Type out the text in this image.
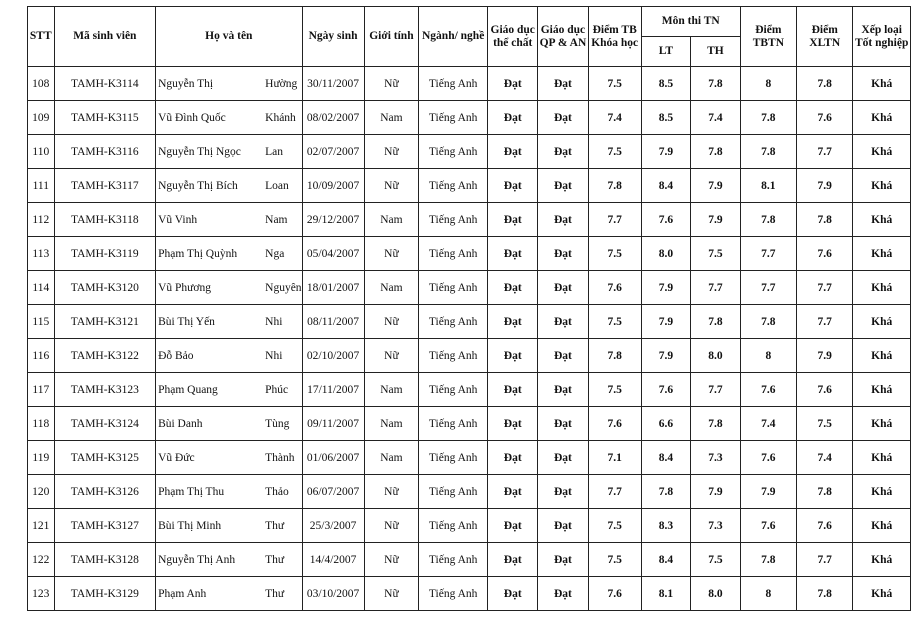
STT	Mã sinh viên	Họ và tên		Ngày sinh	Giới tính	Ngành/ nghề	Giáo dục thể chất	Giáo dục QP & AN	Điểm TB Khóa học	Môn thi TN		Điểm TBTN	Điểm XLTN	Xếp loại Tốt nghiệp
										LT	TH			
108	TAMH-K3114	Nguyễn Thị	Hường	30/11/2007	Nữ	Tiếng Anh	Đạt	Đạt	7.5	8.5	7.8	8	7.8	Khá
109	TAMH-K3115	Vũ Đình Quốc	Khánh	08/02/2007	Nam	Tiếng Anh	Đạt	Đạt	7.4	8.5	7.4	7.8	7.6	Khá
110	TAMH-K3116	Nguyễn Thị Ngọc	Lan	02/07/2007	Nữ	Tiếng Anh	Đạt	Đạt	7.5	7.9	7.8	7.8	7.7	Khá
111	TAMH-K3117	Nguyễn Thị Bích	Loan	10/09/2007	Nữ	Tiếng Anh	Đạt	Đạt	7.8	8.4	7.9	8.1	7.9	Khá
112	TAMH-K3118	Vũ Vinh	Nam	29/12/2007	Nam	Tiếng Anh	Đạt	Đạt	7.7	7.6	7.9	7.8	7.8	Khá
113	TAMH-K3119	Phạm Thị Quỳnh	Nga	05/04/2007	Nữ	Tiếng Anh	Đạt	Đạt	7.5	8.0	7.5	7.7	7.6	Khá
114	TAMH-K3120	Vũ Phương	Nguyên	18/01/2007	Nam	Tiếng Anh	Đạt	Đạt	7.6	7.9	7.7	7.7	7.7	Khá
115	TAMH-K3121	Bùi Thị Yến	Nhi	08/11/2007	Nữ	Tiếng Anh	Đạt	Đạt	7.5	7.9	7.8	7.8	7.7	Khá
116	TAMH-K3122	Đỗ Bảo	Nhi	02/10/2007	Nữ	Tiếng Anh	Đạt	Đạt	7.8	7.9	8.0	8	7.9	Khá
117	TAMH-K3123	Phạm Quang	Phúc	17/11/2007	Nam	Tiếng Anh	Đạt	Đạt	7.5	7.6	7.7	7.6	7.6	Khá
118	TAMH-K3124	Bùi Danh	Tùng	09/11/2007	Nam	Tiếng Anh	Đạt	Đạt	7.6	6.6	7.8	7.4	7.5	Khá
119	TAMH-K3125	Vũ Đức	Thành	01/06/2007	Nam	Tiếng Anh	Đạt	Đạt	7.1	8.4	7.3	7.6	7.4	Khá
120	TAMH-K3126	Phạm Thị Thu	Thảo	06/07/2007	Nữ	Tiếng Anh	Đạt	Đạt	7.7	7.8	7.9	7.9	7.8	Khá
121	TAMH-K3127	Bùi Thị Minh	Thư	25/3/2007	Nữ	Tiếng Anh	Đạt	Đạt	7.5	8.3	7.3	7.6	7.6	Khá
122	TAMH-K3128	Nguyễn Thị Anh	Thư	14/4/2007	Nữ	Tiếng Anh	Đạt	Đạt	7.5	8.4	7.5	7.8	7.7	Khá
123	TAMH-K3129	Phạm Anh	Thư	03/10/2007	Nữ	Tiếng Anh	Đạt	Đạt	7.6	8.1	8.0	8	7.8	Khá
